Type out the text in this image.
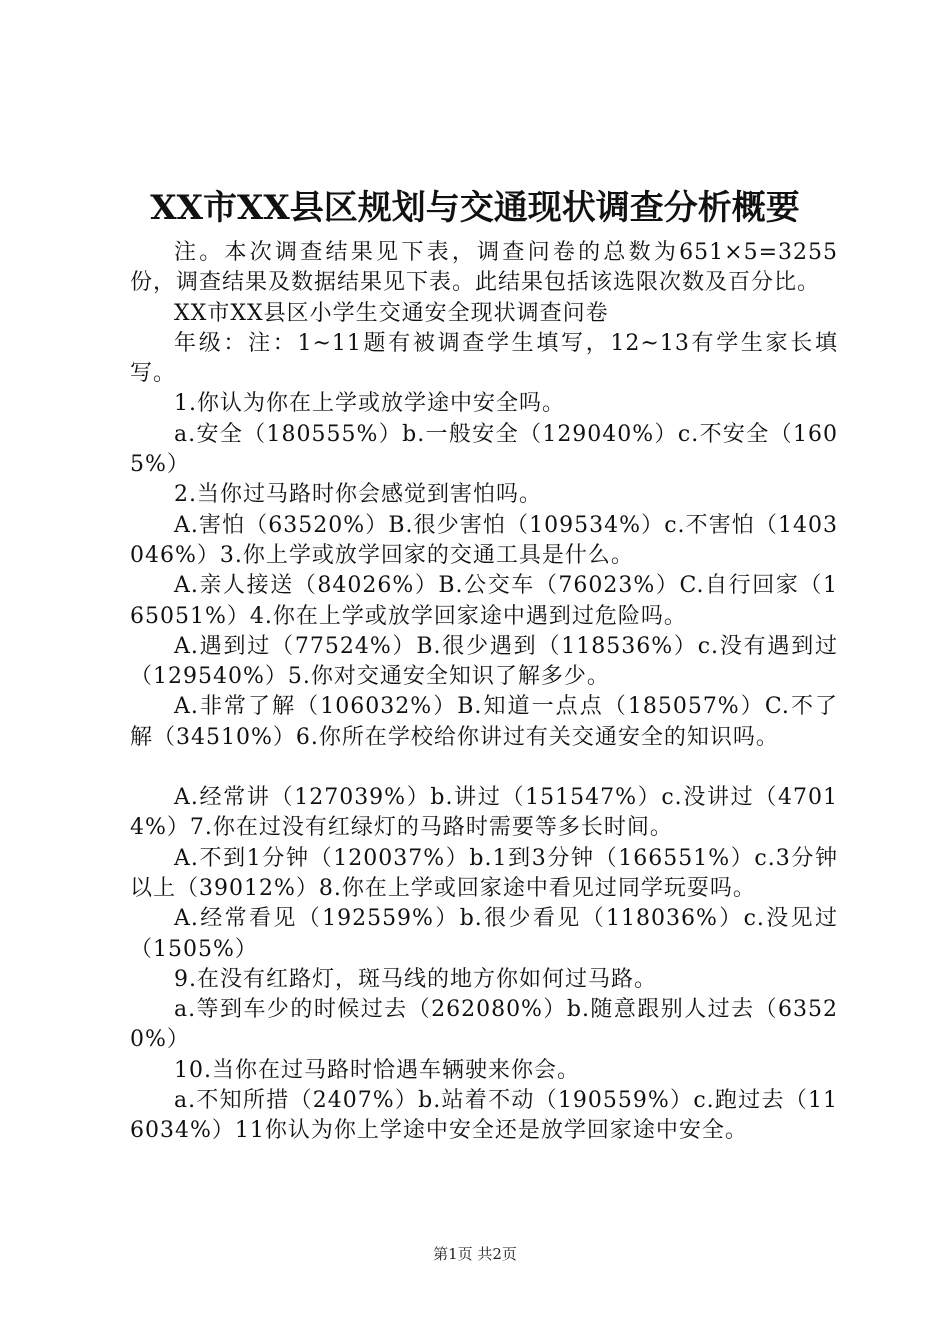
XX市XX县区规划与交通现状调查分析概要

注。本次调查结果见下表，调查问卷的总数为651×5=3255份，调查结果及数据结果见下表。此结果包括该选限次数及百分比。

XX市XX县区小学生交通安全现状调查问卷

年级：注：1~11题有被调查学生填写，12~13有学生家长填写。

1.你认为你在上学或放学途中安全吗。

a.安全（180555%）b.一般安全（129040%）c.不安全（1605%）

2.当你过马路时你会感觉到害怕吗。

A.害怕（63520%）B.很少害怕（109534%）c.不害怕（1403046%）3.你上学或放学回家的交通工具是什么。

A.亲人接送（84026%）B.公交车（76023%）C.自行回家（165051%）4.你在上学或放学回家途中遇到过危险吗。

A.遇到过（77524%）B.很少遇到（118536%）c.没有遇到过（129540%）5.你对交通安全知识了解多少。

A.非常了解（106032%）B.知道一点点（185057%）C.不了解（34510%）6.你所在学校给你讲过有关交通安全的知识吗。

A.经常讲（127039%）b.讲过（151547%）c.没讲过（47014%）7.你在过没有红绿灯的马路时需要等多长时间。

A.不到1分钟（120037%）b.1到3分钟（166551%）c.3分钟以上（39012%）8.你在上学或回家途中看见过同学玩耍吗。

A.经常看见（192559%）b.很少看见（118036%）c.没见过（1505%）

9.在没有红路灯，斑马线的地方你如何过马路。

a.等到车少的时候过去（262080%）b.随意跟别人过去（63520%）

10.当你在过马路时恰遇车辆驶来你会。

a.不知所措（2407%）b.站着不动（190559%）c.跑过去（116034%）11你认为你上学途中安全还是放学回家途中安全。

第1页 共2页
